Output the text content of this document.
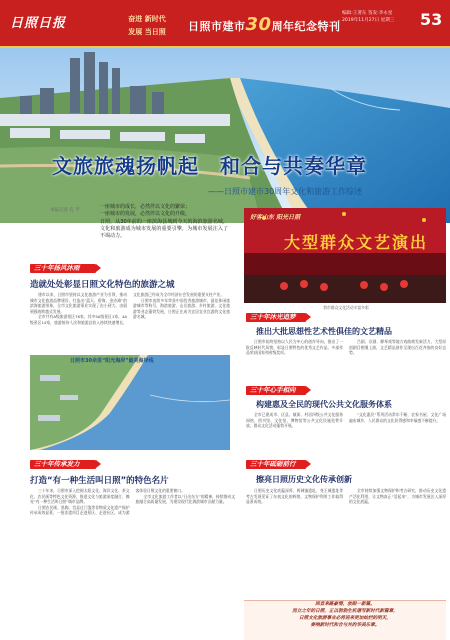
日照日报	奋进 新时代
发展 当日照	日照市建市30周年纪念特刊
编辑:王著东 签发:李永星
2019年11月27日 星期三 53
文旅旅魂扬帆起　和合与共奏华章
——日照市建市30周年文化和旅游工作综述
本报记者 孔 平
一座城市的成长，必然伴以文化的繁荣；
一座城市的发展，必然伴以文化的升级。
日照，从30年前的一座滨海县城到今天的海滨旅游名城，文化和旅游成为城市发展的重要引擎，为城市发展注入了不竭动力。
好客山东 阳光日照
大型群众文艺演出
我市群众文化活动丰富多彩
三十年扬风沐雨
造就处处彰显日照文化特色的旅游之城

建市以来，日照市坚持以文化旅游产业为引领，推动城市文化旅游品牌建设，打造出“蓝天、碧海、金沙滩”的滨海旅游形象，全市文化旅游事业实现了由小到大、由弱到强的跨越式发展。

全市共有A级旅游景区76家，其中5A级景区1家、4A级景区14家，旅游接待人次和旅游总收入持续快速增长，文化旅游已经成为全市经济社会发展的重要支柱产业。

日照市连续多年荣获中国优秀旅游城市、最佳休闲旅游城市等称号，海滨旅游、山岳旅游、乡村旅游、文化旅游等业态蓬勃发展，日照正在成为宜居宜业宜游的文化旅游名城。

日照市30余里“阳光海岸”最美海岸线
三十年传承发力
打造“有一种生活叫日照”的特色名片

三十年来，日照市深入挖掘太阳文化、海洋文化、茶文化、农民画等特色文化资源，推进文化与旅游深度融合，擦亮“有一种生活叫日照”城市品牌。

日照农民画、黑陶、莒县过门笺等非物质文化遗产保护传承成效显著，一批非遗项目走进景区、走进社区，成为游客体验日照文化的重要窗口。

全市文化旅游工作者以“日出东方”的精神，持续推动文旅融合高质量发展，为建设现代化海滨城市贡献力量。

三十年沐光追梦
推出大批思想性艺术性俱佳的文艺精品

日照市始终坚持以人民为中心的创作导向，推出了一批反映时代风貌、彰显日照特色的优秀文艺作品，多部作品荣获国家和省级奖项。

吕剧、京剧、柳琴戏等地方戏曲焕发新活力，大型原创剧目相继上演，文艺精品创作呈现出百花齐放的良好态势。

三十年心手相向
构建惠及全民的现代公共文化服务体系

全市已建成市、区县、镇街、村居四级公共文化服务网络，图书馆、文化馆、博物馆等公共文化设施免费开放，群众文化活动蓬勃开展。

“文化惠民”系列活动常年不断，农家书屋、文化广场遍布城乡，人民群众的文化获得感和幸福感不断提升。

三十年砥砺前行
擦亮日照历史文化传承创新

日照历史文化底蕴深厚，两城镇遗址、尧王城遗址等考古发现见证了东夷文化的辉煌，文物保护利用工作取得显著成效。

全市持续加强文物保护和考古研究，推动历史文化遗产活化利用，让文物真正“活起来”，为城市发展注入深厚的文化底蕴。

回首来路豪情，放眼一新篇。
而立之年的日照，正以勃勃生机谱写新时代新篇章，
日照文化旅游事业必将迎来更加灿烂的明天，
奏响新时代和合与共的华美乐章。
